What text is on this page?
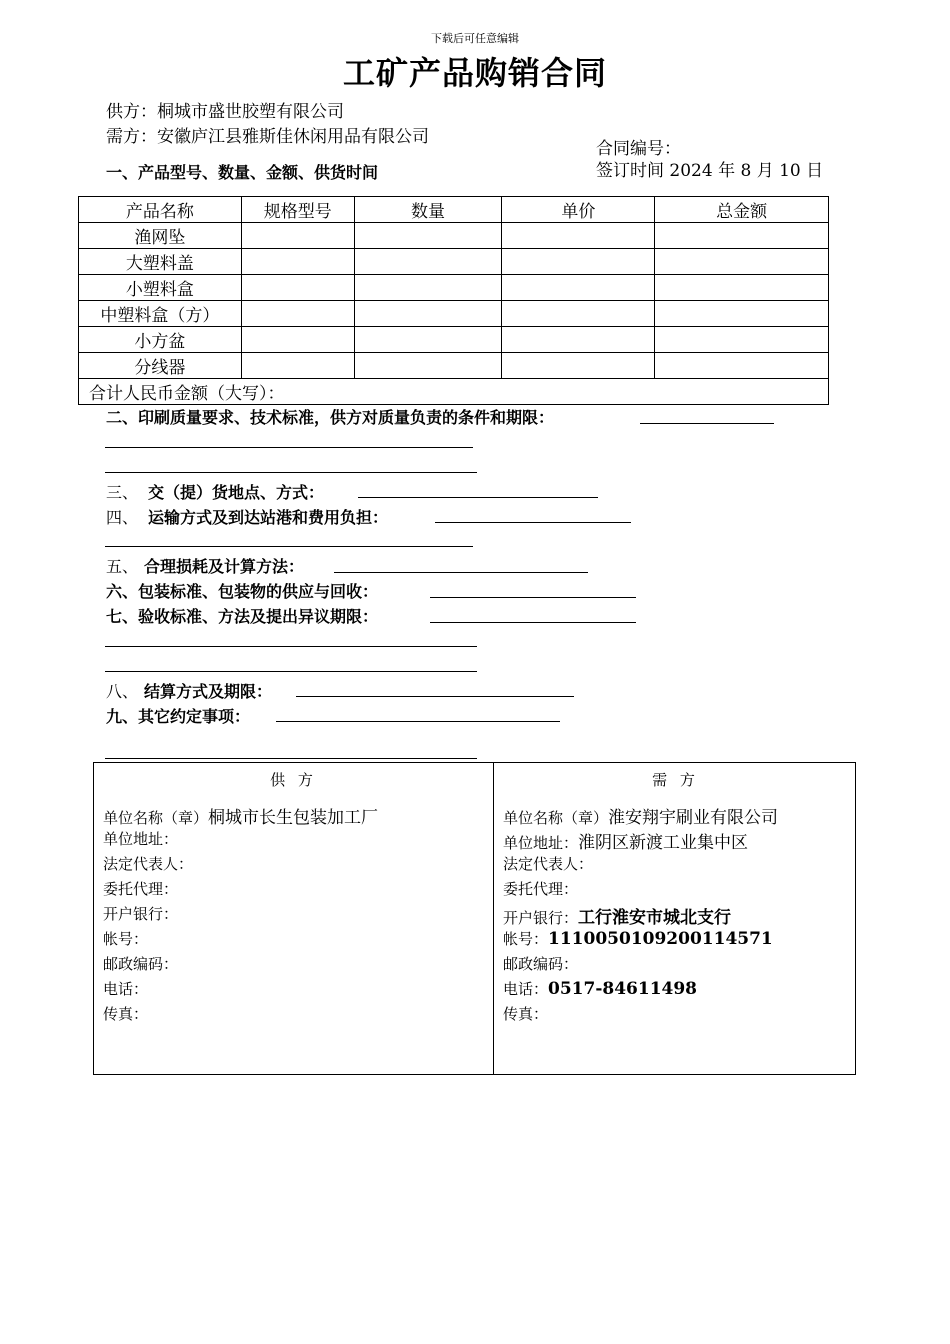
下载后可任意编辑
工矿产品购销合同
供方：桐城市盛世胶塑有限公司
需方：安徽庐江县雅斯佳休闲用品有限公司
合同编号：
签订时间 2024 年 8 月 10 日
一、产品型号、数量、金额、供货时间
产品名称	规格型号	数量	单价	总金额
渔网坠				
大塑料盖				
小塑料盒				
中塑料盒（方）				
小方盆				
分线器				
合计人民币金额（大写）：				
二、印刷质量要求、技术标准，供方对质量负责的条件和期限：
三、 交（提）货地点、方式：
四、 运输方式及到达站港和费用负担：
五、 合理损耗及计算方法：
六、包装标准、包装物的供应与回收：
七、验收标准、方法及提出异议期限：
八、 结算方式及期限：
九、其它约定事项：
供 方
单位名称（章）桐城市长生包装加工厂
单位地址：
法定代表人：
委托代理：
开户银行：
帐号：
邮政编码：
电话：
传真：
需 方
单位名称（章）淮安翔宇刷业有限公司
单位地址：淮阴区新渡工业集中区
法定代表人：
委托代理：
开户银行：工行淮安市城北支行
帐号：1110050109200114571
邮政编码：
电话：0517-84611498
传真：
